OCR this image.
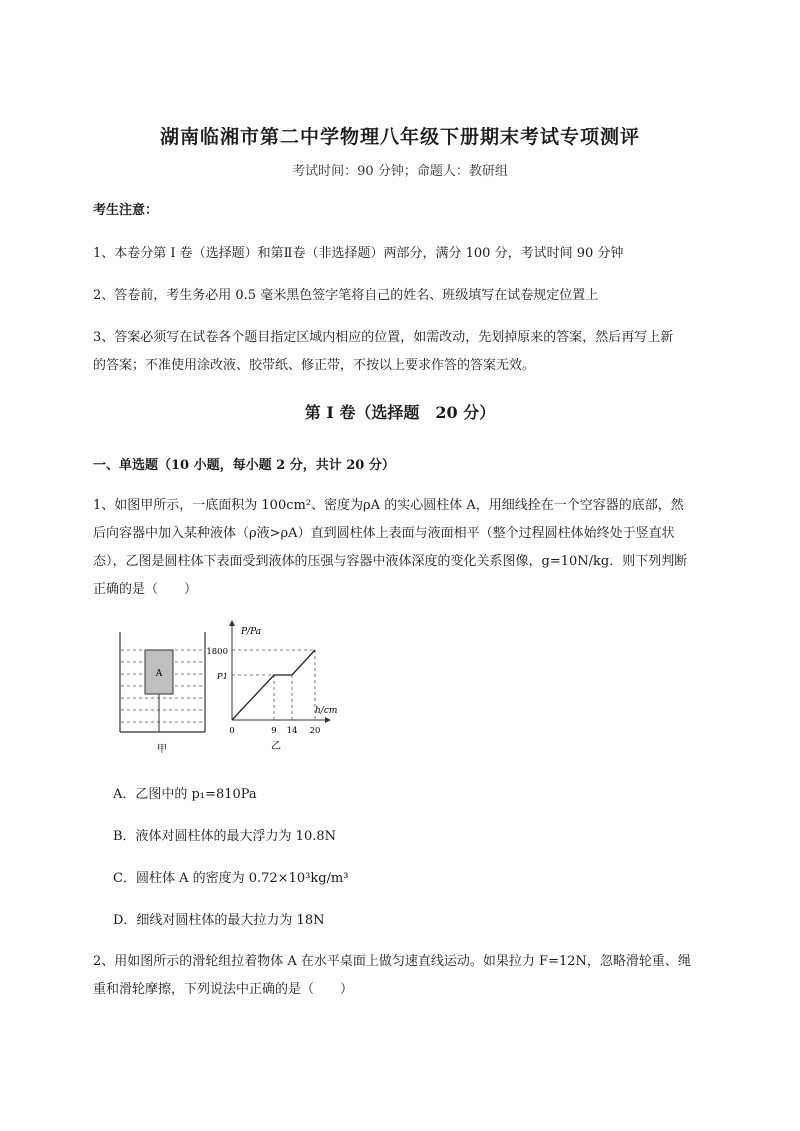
湖南临湘市第二中学物理八年级下册期末考试专项测评
考试时间：90 分钟；命题人：教研组
考生注意：
1、本卷分第 I 卷（选择题）和第Ⅱ卷（非选择题）两部分，满分 100 分，考试时间 90 分钟
2、答卷前，考生务必用 0.5 毫米黑色签字笔将自己的姓名、班级填写在试卷规定位置上
3、答案必须写在试卷各个题目指定区域内相应的位置，如需改动，先划掉原来的答案，然后再写上新
的答案；不准使用涂改液、胶带纸、修正带，不按以上要求作答的答案无效。
第 I 卷（选择题　20 分）
一、单选题（10 小题，每小题 2 分，共计 20 分）
1、如图甲所示，一底面积为 100cm²、密度为ρA 的实心圆柱体 A，用细线拴在一个空容器的底部，然
后向容器中加入某种液体（ρ液>ρA）直到圆柱体上表面与液面相平（整个过程圆柱体始终处于竖直状
态），乙图是圆柱体下表面受到液体的压强与容器中液体深度的变化关系图像，g=10N/kg．则下列判断
正确的是（　　）
A
甲
P/Pa
h/cm
1800
P1
0	9 14 20
乙
A．乙图中的 p₁=810Pa
B．液体对圆柱体的最大浮力为 10.8N
C．圆柱体 A 的密度为 0.72×10³kg/m³
D．细线对圆柱体的最大拉力为 18N
2、用如图所示的滑轮组拉着物体 A 在水平桌面上做匀速直线运动。如果拉力 F=12N，忽略滑轮重、绳
重和滑轮摩擦，下列说法中正确的是（　　）
